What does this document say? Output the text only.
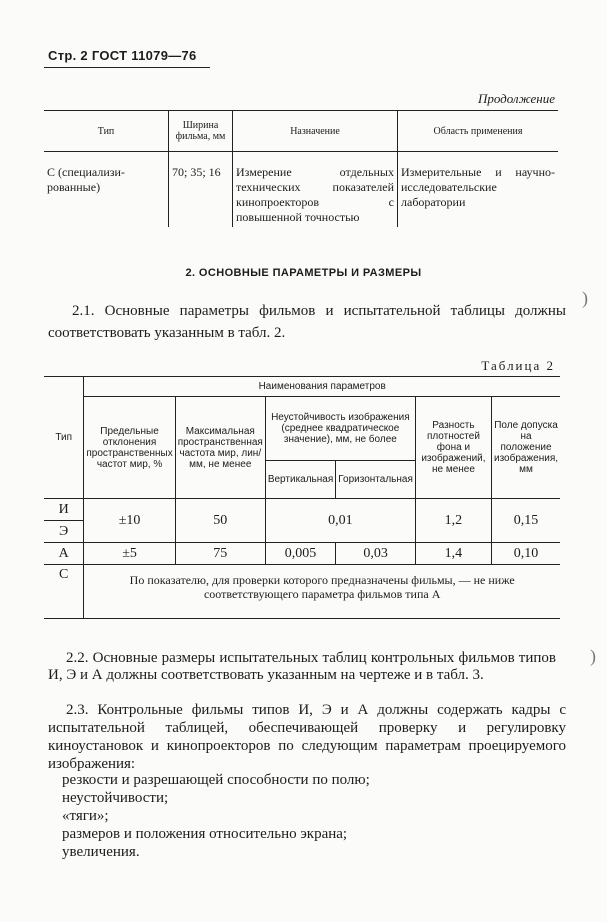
Стр. 2 ГОСТ 11079—76
Продолжение
Тип	Ширина фильма, мм	Назначение	Область применения
С (специализи-рованные)	70; 35; 16	Измерение отдельных технических показателей кинопроекторов с повышенной точностью	Измерительные и научно-исследовательские лаборатории
2. ОСНОВНЫЕ ПАРАМЕТРЫ И РАЗМЕРЫ
2.1. Основные параметры фильмов и испытательной таблицы должны соответствовать указанным в табл. 2.
Таблица 2
Тип	Наименования параметров					
	Предельные отклонения пространственных частот мир, %	Максимальная пространственная частота мир, лин/мм, не менее	Неустойчивость изображения (среднее квадратическое значение), мм, не более		Разность плотностей фона и изображений, не менее	Поле допуска на положение изображения, мм
			Вертикальная	Горизонтальная		
И	±10	50	0,01		1,2	0,15
Э						
А	±5	75	0,005	0,03	1,4	0,10
С	По показателю, для проверки которого предназначены фильмы, — не ниже соответствующего параметра фильмов типа А					
2.2. Основные размеры испытательных таблиц контрольных фильмов типов И, Э и А должны соответствовать указанным на чертеже и в табл. 3.
2.3. Контрольные фильмы типов И, Э и А должны содержать кадры с испытательной таблицей, обеспечивающей проверку и регулировку киноустановок и кинопроекторов по следующим параметрам проецируемого изображения:
резкости и разрешающей способности по полю;
неустойчивости;
«тяги»;
размеров и положения относительно экрана;
увеличения.
)
)
